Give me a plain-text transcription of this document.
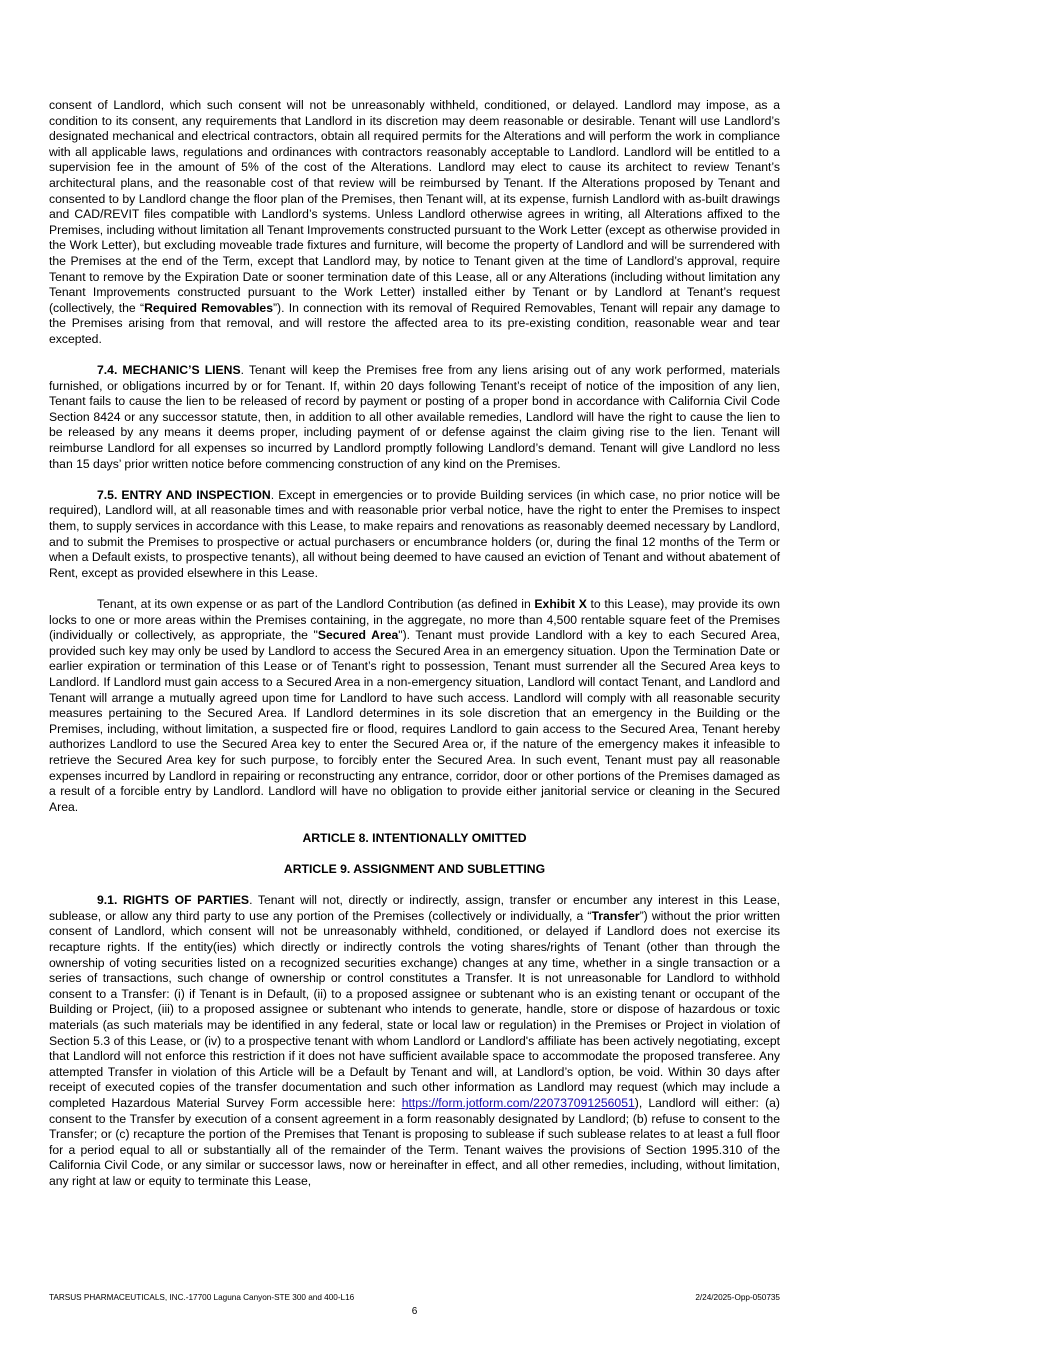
consent of Landlord, which such consent will not be unreasonably withheld, conditioned, or delayed. Landlord may impose, as a condition to its consent, any requirements that Landlord in its discretion may deem reasonable or desirable. Tenant will use Landlord’s designated mechanical and electrical contractors, obtain all required permits for the Alterations and will perform the work in compliance with all applicable laws, regulations and ordinances with contractors reasonably acceptable to Landlord. Landlord will be entitled to a supervision fee in the amount of 5% of the cost of the Alterations. Landlord may elect to cause its architect to review Tenant’s architectural plans, and the reasonable cost of that review will be reimbursed by Tenant. If the Alterations proposed by Tenant and consented to by Landlord change the floor plan of the Premises, then Tenant will, at its expense, furnish Landlord with as-built drawings and CAD/REVIT files compatible with Landlord’s systems. Unless Landlord otherwise agrees in writing, all Alterations affixed to the Premises, including without limitation all Tenant Improvements constructed pursuant to the Work Letter (except as otherwise provided in the Work Letter), but excluding moveable trade fixtures and furniture, will become the property of Landlord and will be surrendered with the Premises at the end of the Term, except that Landlord may, by notice to Tenant given at the time of Landlord’s approval, require Tenant to remove by the Expiration Date or sooner termination date of this Lease, all or any Alterations (including without limitation any Tenant Improvements constructed pursuant to the Work Letter) installed either by Tenant or by Landlord at Tenant’s request (collectively, the “Required Removables”). In connection with its removal of Required Removables, Tenant will repair any damage to the Premises arising from that removal, and will restore the affected area to its pre-existing condition, reasonable wear and tear excepted.

7.4. MECHANIC’S LIENS. Tenant will keep the Premises free from any liens arising out of any work performed, materials furnished, or obligations incurred by or for Tenant. If, within 20 days following Tenant’s receipt of notice of the imposition of any lien, Tenant fails to cause the lien to be released of record by payment or posting of a proper bond in accordance with California Civil Code Section 8424 or any successor statute, then, in addition to all other available remedies, Landlord will have the right to cause the lien to be released by any means it deems proper, including payment of or defense against the claim giving rise to the lien. Tenant will reimburse Landlord for all expenses so incurred by Landlord promptly following Landlord’s demand. Tenant will give Landlord no less than 15 days’ prior written notice before commencing construction of any kind on the Premises.

7.5. ENTRY AND INSPECTION. Except in emergencies or to provide Building services (in which case, no prior notice will be required), Landlord will, at all reasonable times and with reasonable prior verbal notice, have the right to enter the Premises to inspect them, to supply services in accordance with this Lease, to make repairs and renovations as reasonably deemed necessary by Landlord, and to submit the Premises to prospective or actual purchasers or encumbrance holders (or, during the final 12 months of the Term or when a Default exists, to prospective tenants), all without being deemed to have caused an eviction of Tenant and without abatement of Rent, except as provided elsewhere in this Lease.

Tenant, at its own expense or as part of the Landlord Contribution (as defined in Exhibit X to this Lease), may provide its own locks to one or more areas within the Premises containing, in the aggregate, no more than 4,500 rentable square feet of the Premises (individually or collectively, as appropriate, the "Secured Area"). Tenant must provide Landlord with a key to each Secured Area, provided such key may only be used by Landlord to access the Secured Area in an emergency situation. Upon the Termination Date or earlier expiration or termination of this Lease or of Tenant’s right to possession, Tenant must surrender all the Secured Area keys to Landlord. If Landlord must gain access to a Secured Area in a non-emergency situation, Landlord will contact Tenant, and Landlord and Tenant will arrange a mutually agreed upon time for Landlord to have such access. Landlord will comply with all reasonable security measures pertaining to the Secured Area. If Landlord determines in its sole discretion that an emergency in the Building or the Premises, including, without limitation, a suspected fire or flood, requires Landlord to gain access to the Secured Area, Tenant hereby authorizes Landlord to use the Secured Area key to enter the Secured Area or, if the nature of the emergency makes it infeasible to retrieve the Secured Area key for such purpose, to forcibly enter the Secured Area. In such event, Tenant must pay all reasonable expenses incurred by Landlord in repairing or reconstructing any entrance, corridor, door or other portions of the Premises damaged as a result of a forcible entry by Landlord. Landlord will have no obligation to provide either janitorial service or cleaning in the Secured Area.

ARTICLE 8. INTENTIONALLY OMITTED

ARTICLE 9. ASSIGNMENT AND SUBLETTING

9.1. RIGHTS OF PARTIES. Tenant will not, directly or indirectly, assign, transfer or encumber any interest in this Lease, sublease, or allow any third party to use any portion of the Premises (collectively or individually, a “Transfer”) without the prior written consent of Landlord, which consent will not be unreasonably withheld, conditioned, or delayed if Landlord does not exercise its recapture rights. If the entity(ies) which directly or indirectly controls the voting shares/rights of Tenant (other than through the ownership of voting securities listed on a recognized securities exchange) changes at any time, whether in a single transaction or a series of transactions, such change of ownership or control constitutes a Transfer. It is not unreasonable for Landlord to withhold consent to a Transfer: (i) if Tenant is in Default, (ii) to a proposed assignee or subtenant who is an existing tenant or occupant of the Building or Project, (iii) to a proposed assignee or subtenant who intends to generate, handle, store or dispose of hazardous or toxic materials (as such materials may be identified in any federal, state or local law or regulation) in the Premises or Project in violation of Section 5.3 of this Lease, or (iv) to a prospective tenant with whom Landlord or Landlord's affiliate has been actively negotiating, except that Landlord will not enforce this restriction if it does not have sufficient available space to accommodate the proposed transferee. Any attempted Transfer in violation of this Article will be a Default by Tenant and will, at Landlord’s option, be void. Within 30 days after receipt of executed copies of the transfer documentation and such other information as Landlord may request (which may include a completed Hazardous Material Survey Form accessible here: https://form.jotform.com/220737091256051), Landlord will either: (a) consent to the Transfer by execution of a consent agreement in a form reasonably designated by Landlord; (b) refuse to consent to the Transfer; or (c) recapture the portion of the Premises that Tenant is proposing to sublease if such sublease relates to at least a full floor for a period equal to all or substantially all of the remainder of the Term. Tenant waives the provisions of Section 1995.310 of the California Civil Code, or any similar or successor laws, now or hereinafter in effect, and all other remedies, including, without limitation, any right at law or equity to terminate this Lease,

TARSUS PHARMACEUTICALS, INC.-17700 Laguna Canyon-STE 300 and 400-L16	2/24/2025-Opp-050735
6
